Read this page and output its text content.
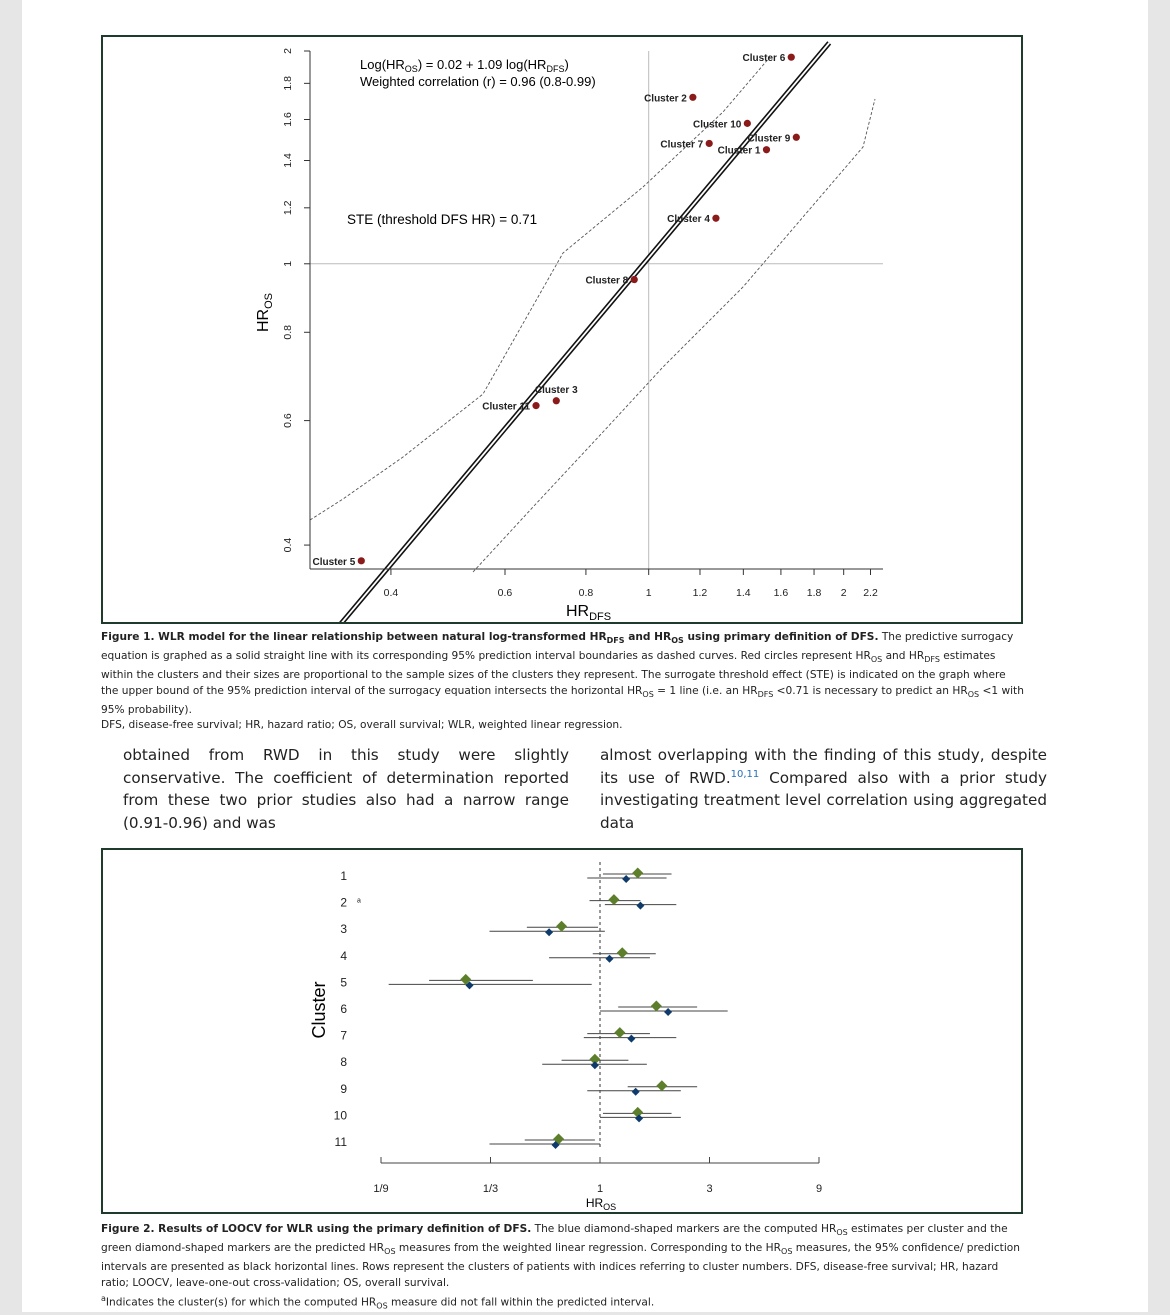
0.4	0.6	0.8	1	1.2	1.4 1.6 1.8 2 2.2
0.4
0.6
0.8
1
1.2
1.4
1.6
1.8
2
Cluster 1
Cluster 2
Cluster 3
Cluster 4
Cluster 5
Cluster 6
Cluster 7
Cluster 8
Cluster 9
Cluster 10
Cluster 11
$Log(HR_{OS}) = 0.02 + 1.09$ $\log(HR_{DFS})$
Weighted correlation (r) = 0.96 (0.8-0.99)
STE (threshold DFS HR) = 0.71
$HR_{OS}$
$HR_{DFS}$
Figure 1. WLR model for the linear relationship between natural log-transformed $HR_{DFS}$ and $HR_{OS}$ using primary definition of DFS. The predictive surrogacy equation is graphed as a solid straight line with its corresponding 95% prediction interval boundaries as dashed curves. Red circles represent $HR_{OS}$ and $HR_{DFS}$ estimates within the clusters and their sizes are proportional to the sample sizes of the clusters they represent. The surrogate threshold effect (STE) is indicated on the graph where the upper bound of the 95% prediction interval of the surrogacy equation intersects the horizontal $HR_{OS} = 1$ line (i.e. an $HR_{DFS} <0.71$ is necessary to predict an $HR_{OS} <1$ with 95% probability).
DFS, disease-free survival; HR, hazard ratio; OS, overall survival; WLR, weighted linear regression.

obtained from RWD in this study were slightly conservative. The coefficient of determination reported from these two prior studies also had a narrow range (0.91-0.96) and was

almost overlapping with the finding of this study, despite its use of RWD.$^{10,11}$ Compared also with a prior study investigating treatment level correlation using aggregated data

1
2 a
3
4
5
6
7
8
9
10
11
1/9	1/3	1	3	9
Cluster
$HR_{OS}$
Figure 2. Results of LOOCV for WLR using the primary definition of DFS. The blue diamond-shaped markers are the computed $HR_{OS}$ estimates per cluster and the green diamond-shaped markers are the predicted $HR_{OS}$ measures from the weighted linear regression. Corresponding to the $HR_{OS}$ measures, the 95% confidence/ prediction intervals are presented as black horizontal lines. Rows represent the clusters of patients with indices referring to cluster numbers. DFS, disease-free survival; HR, hazard ratio; LOOCV, leave-one-out cross-validation; OS, overall survival.
$^a$Indicates the cluster(s) for which the computed $HR_{OS}$ measure did not fall within the predicted interval.
